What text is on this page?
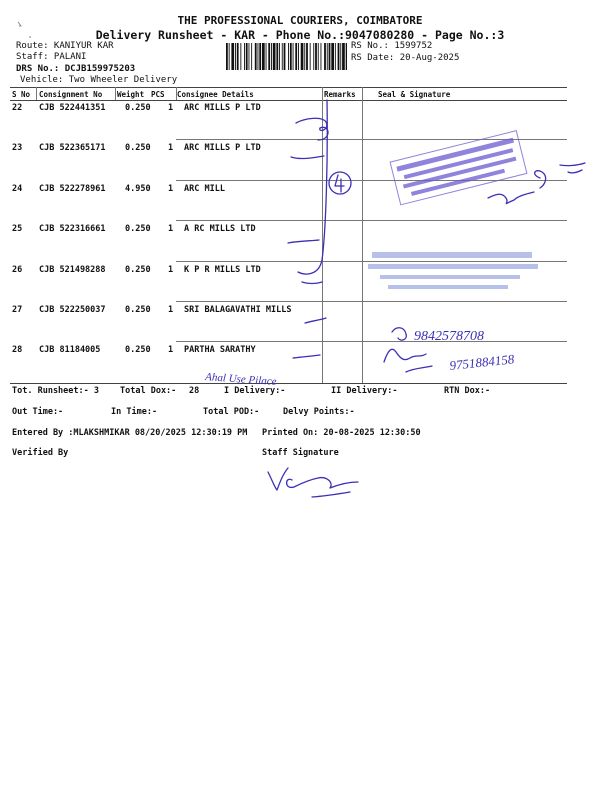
THE PROFESSIONAL COURIERS, COIMBATORE
Delivery Runsheet - KAR - Phone No.:9047080280 - Page No.:3
Route: KANIYUR KAR
Staff: PALANI
DRS No.: DCJB159975203
Vehicle: Two Wheeler Delivery
RS No.: 1599752
RS Date: 20-Aug-2025
S No Consignment No Weight PCS Consignee Details	Remarks	Seal & Signature
22 CJB 522441351 0.250 1 ARC MILLS P LTD
23 CJB 522365171 0.250 1 ARC MILLS P LTD
24 CJB 522278961 4.950 1 ARC MILL
25 CJB 522316661 0.250 1 A RC MILLS LTD
26 CJB 521498288 0.250 1 K P R MILLS LTD
27 CJB 522250037 0.250 1 SRI BALAGAVATHI MILLS
28 CJB 81184005	0.250 1 PARTHA SARATHY
Tot. Runsheet:- 3 Total Dox:- 28	I Delivery:-	II Delivery:-	RTN Dox:-
Out Time:-	In Time:-	Total POD:-	Delvy Points:-
Entered By :MLAKSHMIKAR 08/20/2025 12:30:19 PM Printed On: 20-08-2025 12:30:50
Verified By	Staff Signature
9842578708
9751884158
Ahal Use Pilace
